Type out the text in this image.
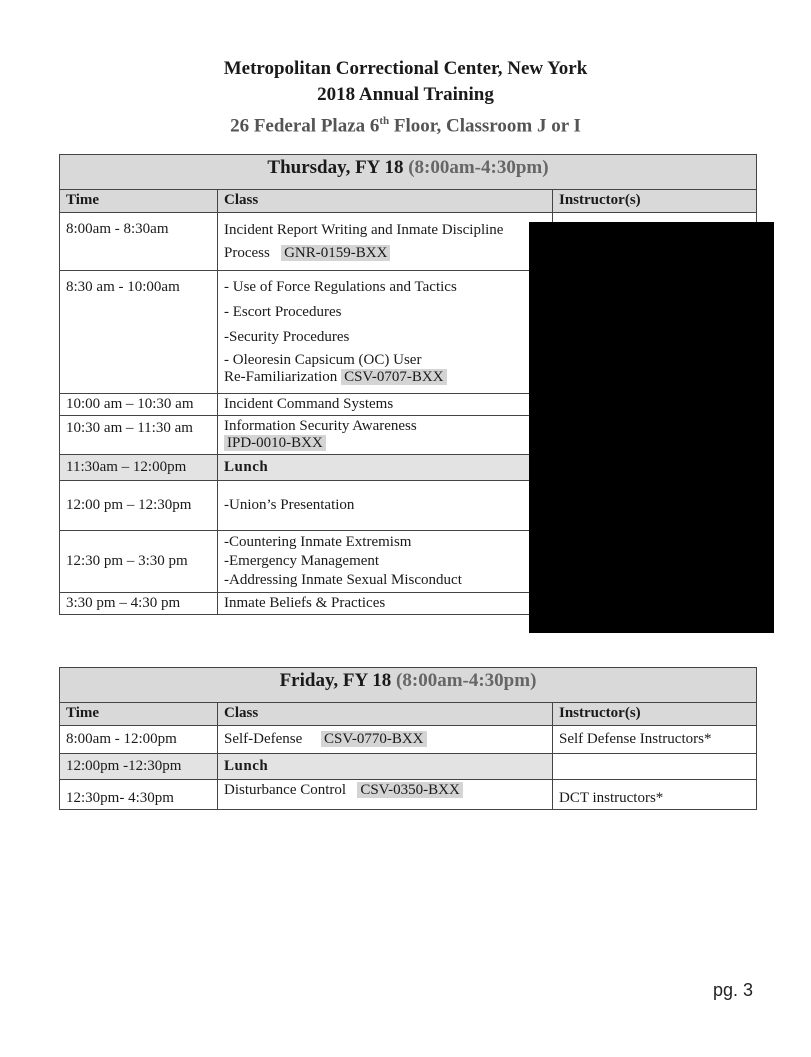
Metropolitan Correctional Center, New York
2018 Annual Training
26 Federal Plaza 6th Floor, Classroom J or I
Thursday, FY 18 (8:00am-4:30pm)		
Time	Class	Instructor(s)
8:00am - 8:30am	Incident Report Writing and Inmate Discipline
Process GNR-0159-BXX	
8:30 am - 10:00am	- Use of Force Regulations and Tactics
- Escort Procedures
-Security Procedures
- Oleoresin Capsicum (OC) User
Re-Familiarization CSV-0707-BXX	
10:00 am – 10:30 am	Incident Command Systems	
10:30 am – 11:30 am	Information Security Awareness
IPD-0010-BXX	
11:30am – 12:00pm	Lunch	
12:00 pm – 12:30pm	-Union’s Presentation	
12:30 pm – 3:30 pm	-Countering Inmate Extremism
-Emergency Management
-Addressing Inmate Sexual Misconduct	

3:30 pm – 4:30 pm	Inmate Beliefs & Practices	
Friday, FY 18 (8:00am-4:30pm)		
Time	Class	Instructor(s)
8:00am - 12:00pm	Self-Defense CSV-0770-BXX	Self Defense Instructors*
12:00pm -12:30pm	Lunch	
12:30pm- 4:30pm	Disturbance Control CSV-0350-BXX	DCT instructors*
pg. 3
